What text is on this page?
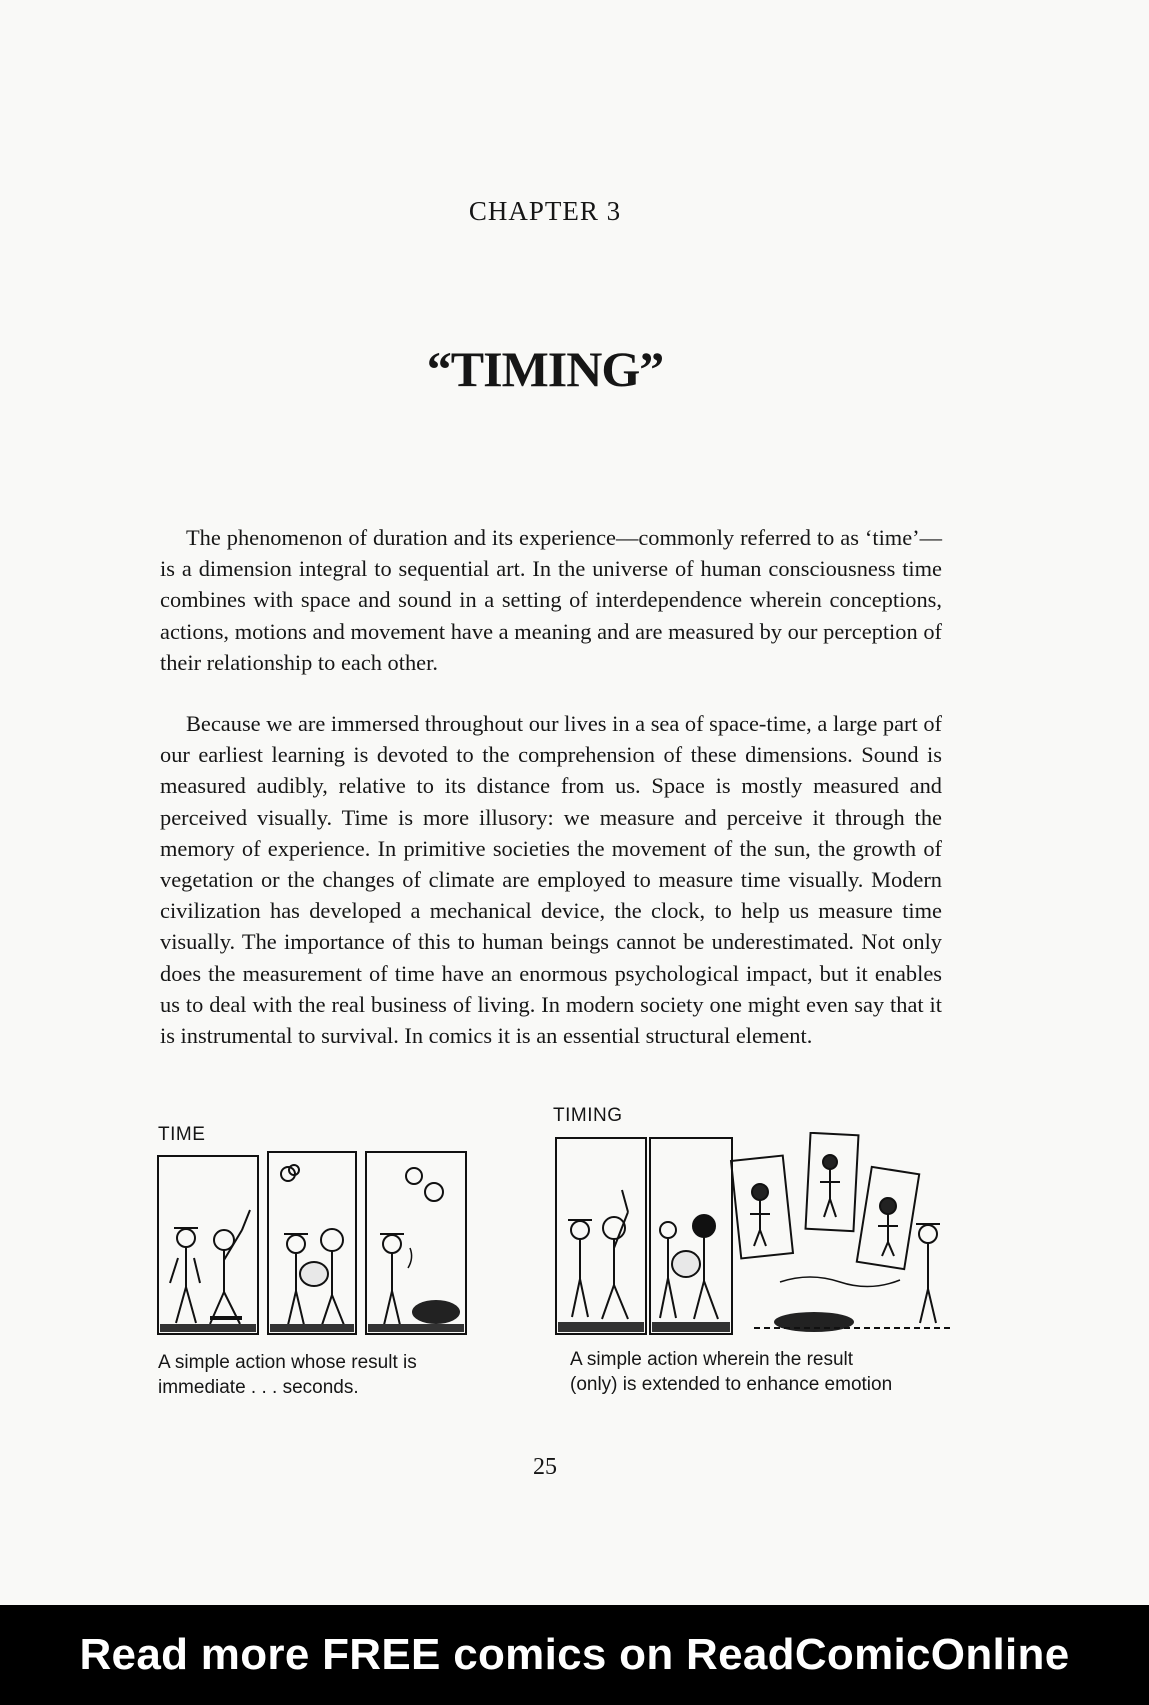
CHAPTER 3
“TIMING”

The phenomenon of duration and its experience—commonly referred to as ‘time’—is a dimension integral to sequential art. In the universe of human consciousness time combines with space and sound in a setting of interdependence wherein conceptions, actions, motions and movement have a meaning and are measured by our perception of their relationship to each other.

Because we are immersed throughout our lives in a sea of space-time, a large part of our earliest learning is devoted to the comprehension of these dimensions. Sound is measured audibly, relative to its distance from us. Space is mostly measured and perceived visually. Time is more illusory: we measure and perceive it through the memory of experience. In primitive societies the movement of the sun, the growth of vegetation or the changes of climate are employed to measure time visually. Modern civilization has developed a mechanical device, the clock, to help us measure time visually. The importance of this to human beings cannot be underestimated. Not only does the measurement of time have an enormous psychological impact, but it enables us to deal with the real business of living. In modern society one might even say that it is instrumental to survival. In comics it is an essential structural element.

TIME

A simple action whose result is
immediate . . . seconds.

TIMING

A simple action wherein the result
(only) is extended to enhance emotion

25
Read more FREE comics on ReadComicOnline
